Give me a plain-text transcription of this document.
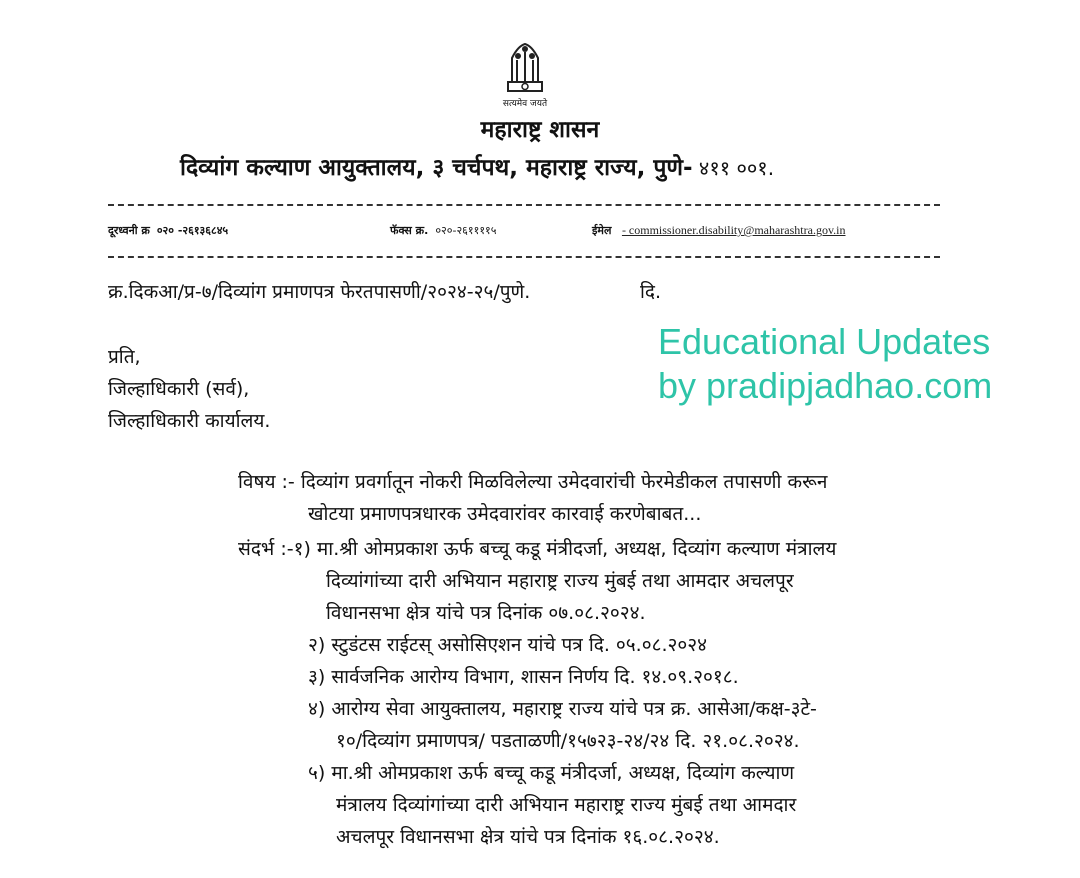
सत्यमेव जयते
महाराष्ट्र शासन
दिव्यांग कल्याण आयुक्तालय, ३ चर्चपथ, महाराष्ट्र राज्य, पुणे- ४११ ००१.
दूरध्वनी क्र ०२० -२६१३६८४५	फॅक्स क्र. ०२०-२६११११५	ईमेल - commissioner.disability@maharashtra.gov.in
क्र.दिकआ/प्र-७/दिव्यांग प्रमाणपत्र फेरतपासणी/२०२४-२५/पुणे.	दि.
प्रति,
जिल्हाधिकारी (सर्व),
जिल्हाधिकारी कार्यालय.
Educational Updates
by pradipjadhao.com
विषय :- दिव्यांग प्रवर्गातून नोकरी मिळविलेल्या उमेदवारांची फेरमेडीकल तपासणी करून
खोटया प्रमाणपत्रधारक उमेदवारांवर कारवाई करणेबाबत...
संदर्भ :-१) मा.श्री ओमप्रकाश ऊर्फ बच्चू कडू मंत्रीदर्जा, अध्यक्ष, दिव्यांग कल्याण मंत्रालय
दिव्यांगांच्या दारी अभियान महाराष्ट्र राज्य मुंबई तथा आमदार अचलपूर
विधानसभा क्षेत्र यांचे पत्र दिनांक ०७.०८.२०२४.
२) स्टुडंटस राईटस् असोसिएशन यांचे पत्र दि. ०५.०८.२०२४
३) सार्वजनिक आरोग्य विभाग, शासन निर्णय दि. १४.०९.२०१८.
४) आरोग्य सेवा आयुक्तालय, महाराष्ट्र राज्य यांचे पत्र क्र. आसेआ/कक्ष-३टे-
१०/दिव्यांग प्रमाणपत्र/ पडताळणी/१५७२३-२४/२४ दि. २१.०८.२०२४.
५) मा.श्री ओमप्रकाश ऊर्फ बच्चू कडू मंत्रीदर्जा, अध्यक्ष, दिव्यांग कल्याण
मंत्रालय दिव्यांगांच्या दारी अभियान महाराष्ट्र राज्य मुंबई तथा आमदार
अचलपूर विधानसभा क्षेत्र यांचे पत्र दिनांक १६.०८.२०२४.
